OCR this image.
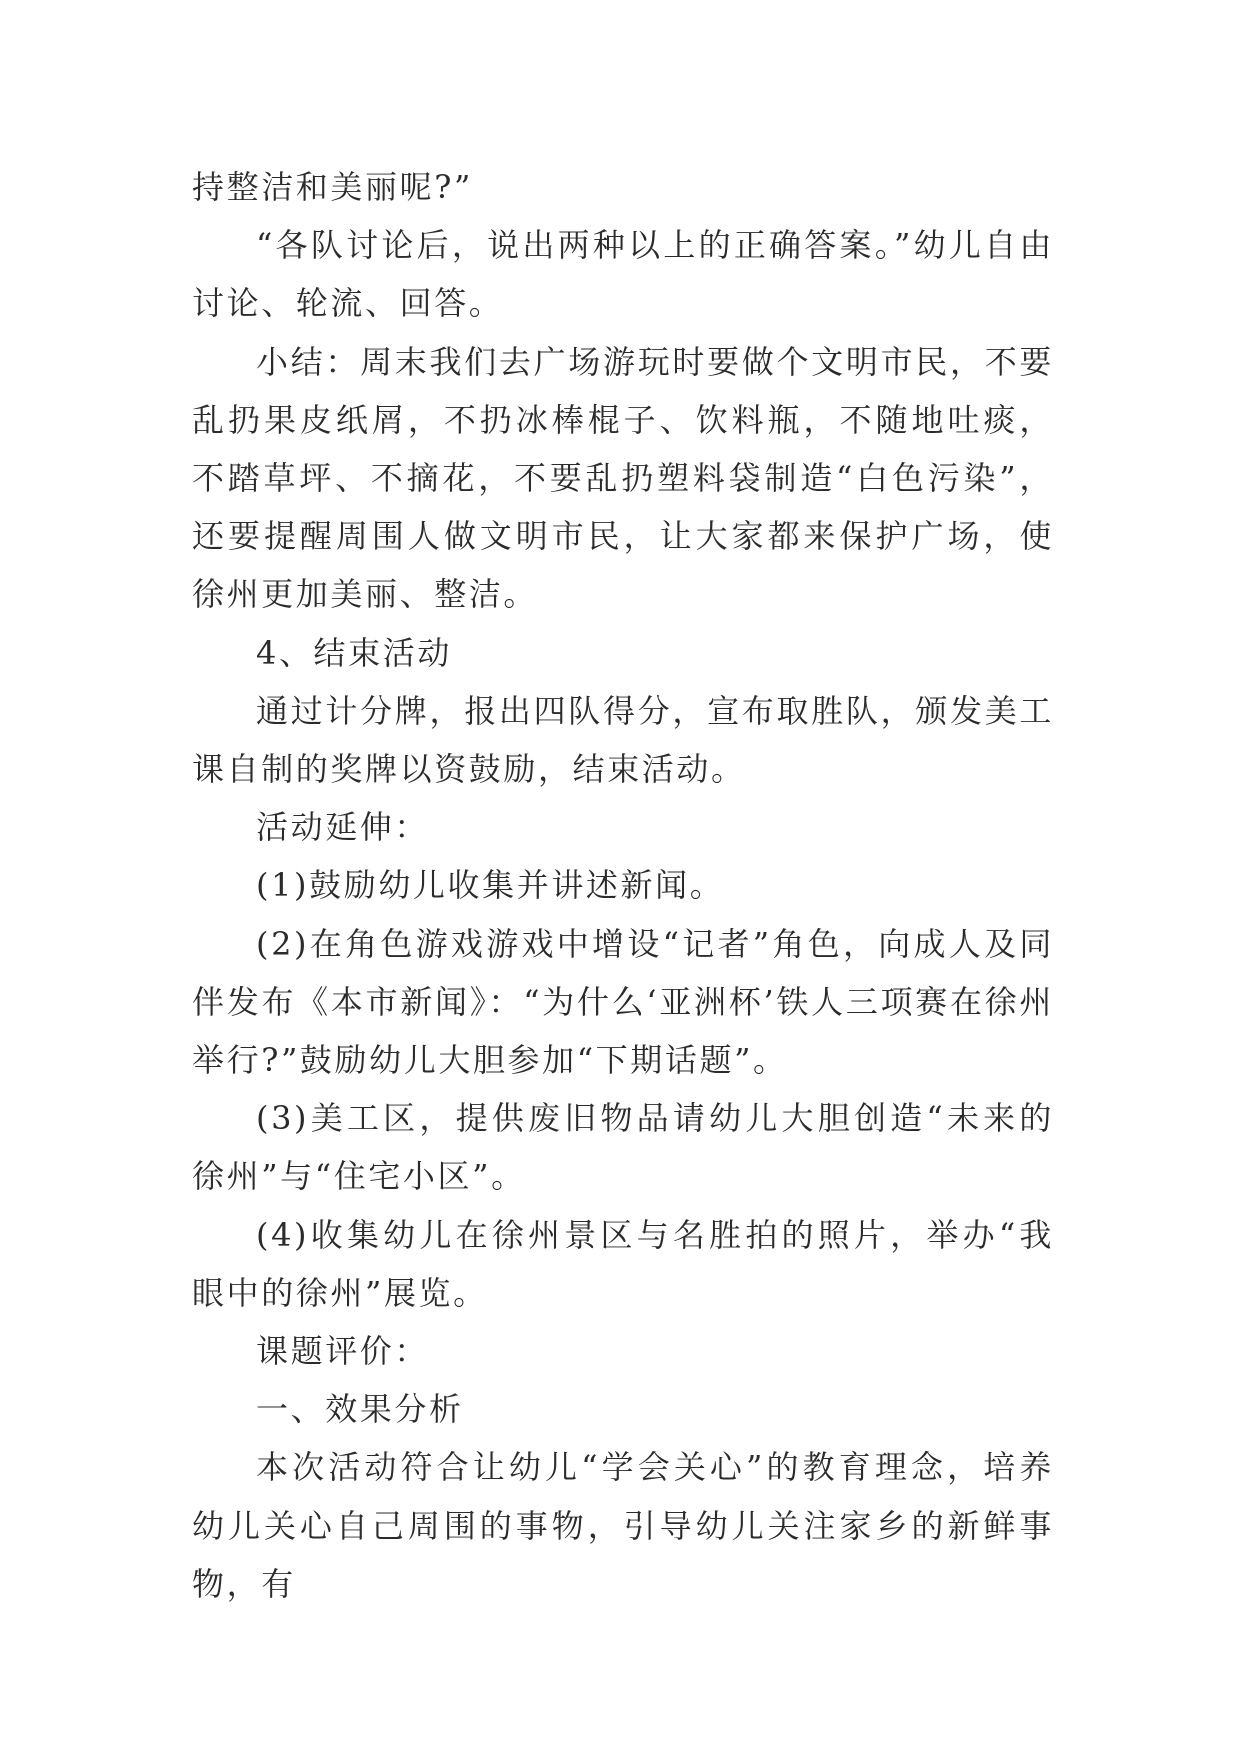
持整洁和美丽呢?”

“各队讨论后，说出两种以上的正确答案。”幼儿自由讨论、轮流、回答。

小结：周末我们去广场游玩时要做个文明市民，不要乱扔果皮纸屑，不扔冰棒棍子、饮料瓶，不随地吐痰，不踏草坪、不摘花，不要乱扔塑料袋制造“白色污染”，还要提醒周围人做文明市民，让大家都来保护广场，使徐州更加美丽、整洁。

4、结束活动

通过计分牌，报出四队得分，宣布取胜队，颁发美工课自制的奖牌以资鼓励，结束活动。

活动延伸：

(1)鼓励幼儿收集并讲述新闻。

(2)在角色游戏游戏中增设“记者”角色，向成人及同伴发布《本市新闻》：“为什么‘亚洲杯’铁人三项赛在徐州举行?”鼓励幼儿大胆参加“下期话题”。

(3)美工区，提供废旧物品请幼儿大胆创造“未来的徐州”与“住宅小区”。

(4)收集幼儿在徐州景区与名胜拍的照片，举办“我眼中的徐州”展览。

课题评价：

一、效果分析

本次活动符合让幼儿“学会关心”的教育理念，培养幼儿关心自己周围的事物，引导幼儿关注家乡的新鲜事物，有
